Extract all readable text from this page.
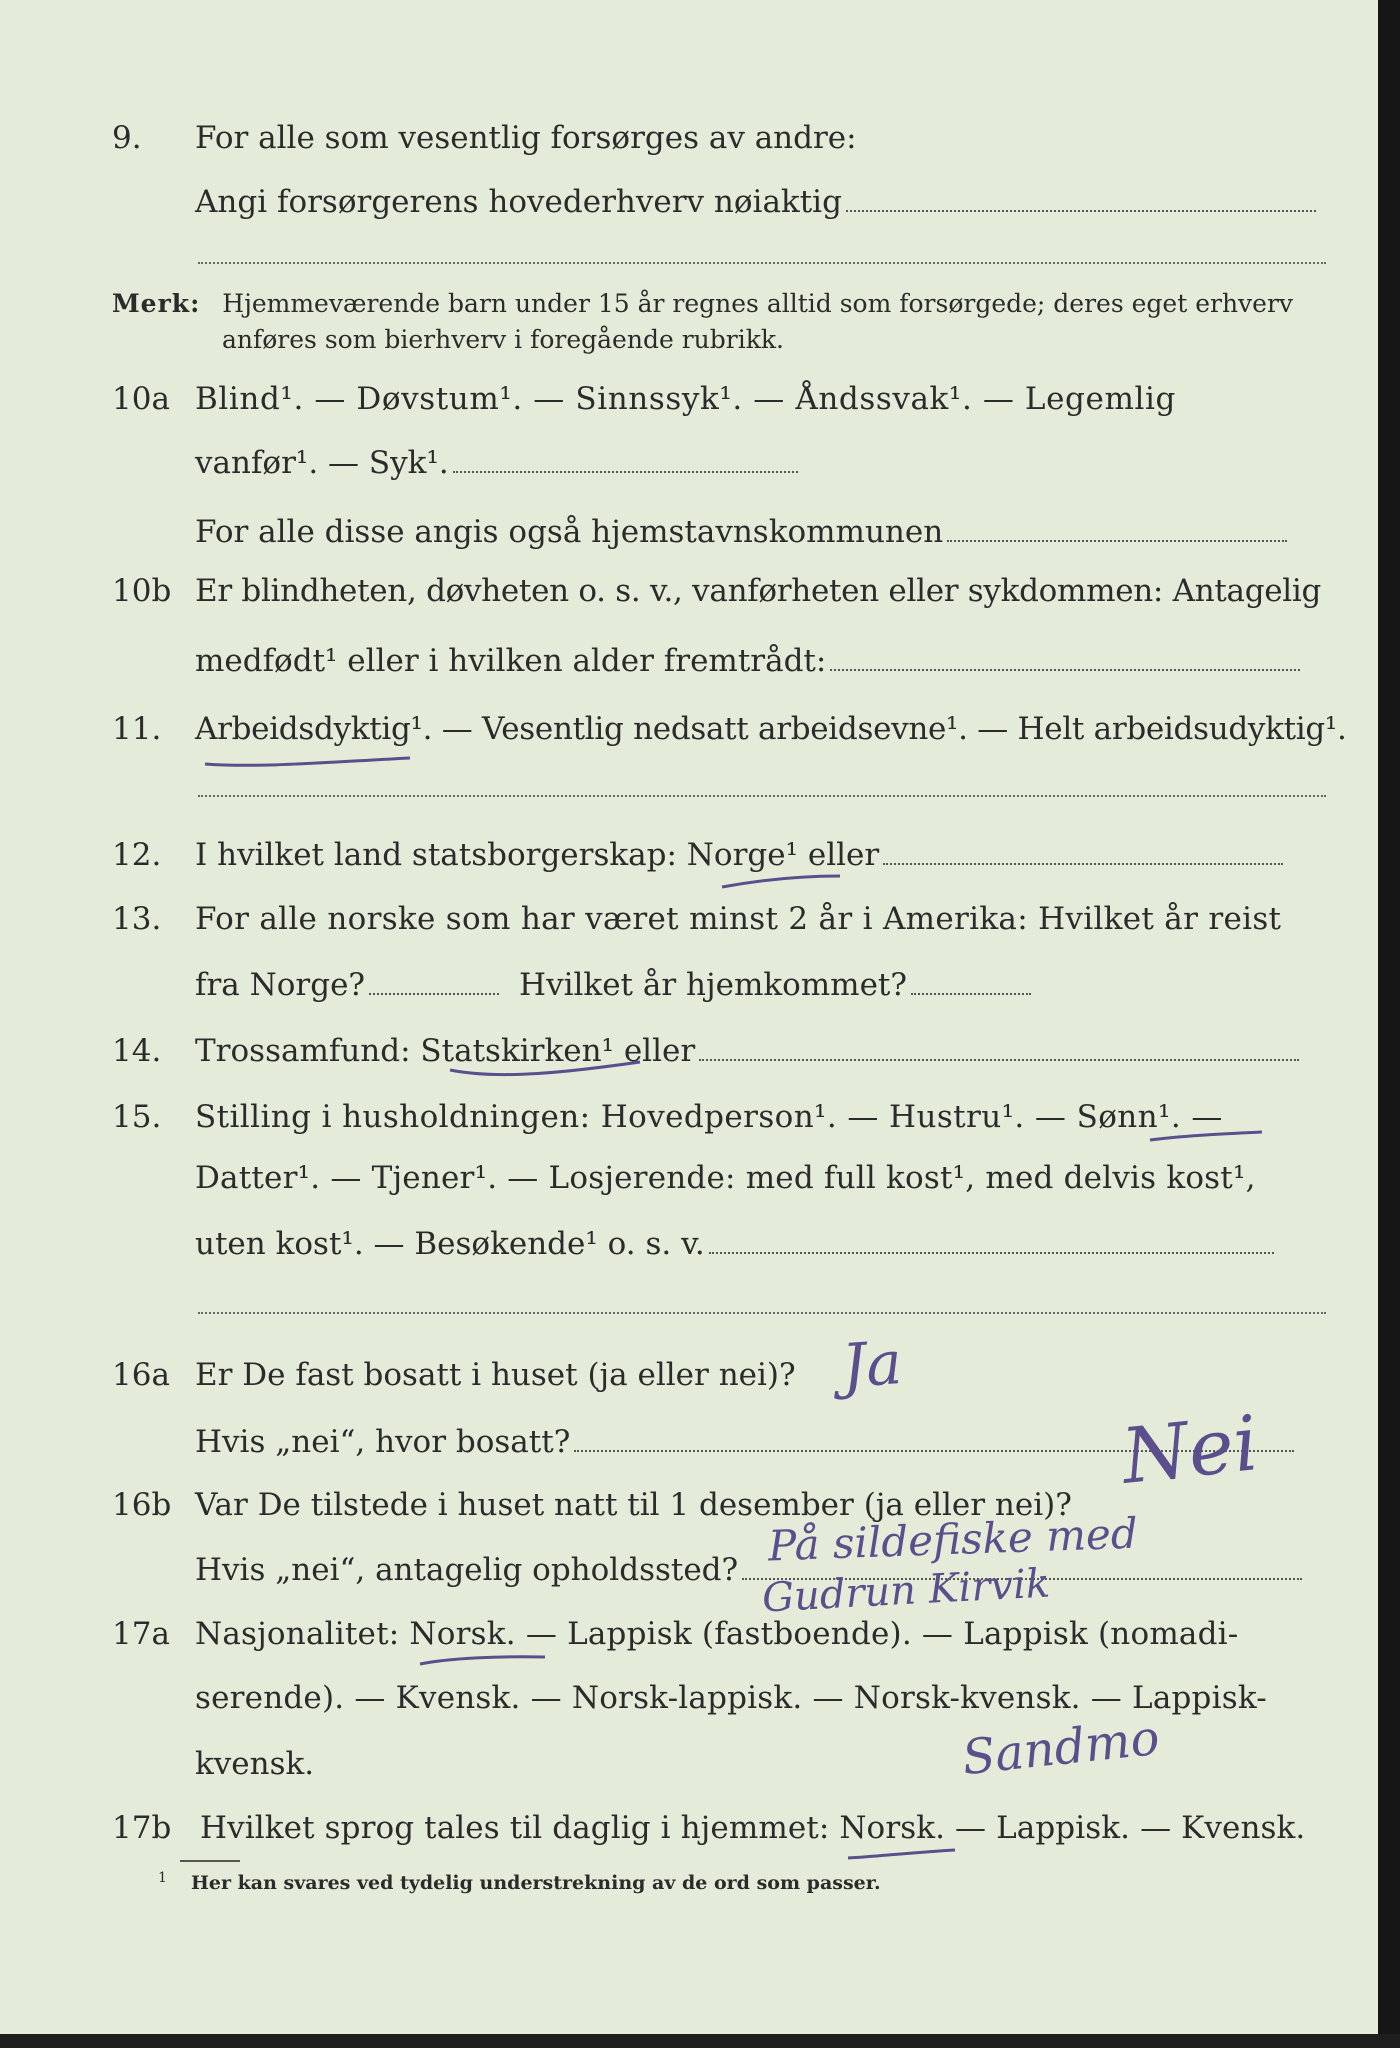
9. For alle som vesentlig forsørges av andre:
Angi forsørgerens hovederhverv nøiaktig
Merk: Hjemmeværende barn under 15 år regnes alltid som forsørgede; deres eget erhverv
anføres som bierhverv i foregående rubrikk.
10a Blind¹. — Døvstum¹. — Sinnssyk¹. — Åndssvak¹. — Legemlig
vanfør¹. — Syk¹.
For alle disse angis også hjemstavnskommunen
10b Er blindheten, døvheten o. s. v., vanførheten eller sykdommen: Antagelig
medfødt¹ eller i hvilken alder fremtrådt:
11. Arbeidsdyktig¹. — Vesentlig nedsatt arbeidsevne¹. — Helt arbeidsudyktig¹.
12. I hvilket land statsborgerskap: Norge¹ eller
13. For alle norske som har været minst 2 år i Amerika: Hvilket år reist
fra Norge?	Hvilket år hjemkommet?
14. Trossamfund: Statskirken¹ eller
15. Stilling i husholdningen: Hovedperson¹. — Hustru¹. — Sønn¹. —
Datter¹. — Tjener¹. — Losjerende: med full kost¹, med delvis kost¹,
uten kost¹. — Besøkende¹ o. s. v.
16a Er De fast bosatt i huset (ja eller nei)?
Hvis „nei“, hvor bosatt?
16b Var De tilstede i huset natt til 1 desember (ja eller nei)?
Hvis „nei“, antagelig opholdssted?
17a Nasjonalitet: Norsk. — Lappisk (fastboende). — Lappisk (nomadi-
serende). — Kvensk. — Norsk-lappisk. — Norsk-kvensk. — Lappisk-
kvensk.
17b Hvilket sprog tales til daglig i hjemmet: Norsk. — Lappisk. — Kvensk.
$^1$ Her kan svares ved tydelig understrekning av de ord som passer.
Ja
Nei
På sildefiske med
Gudrun Kirvik
Sandmo
